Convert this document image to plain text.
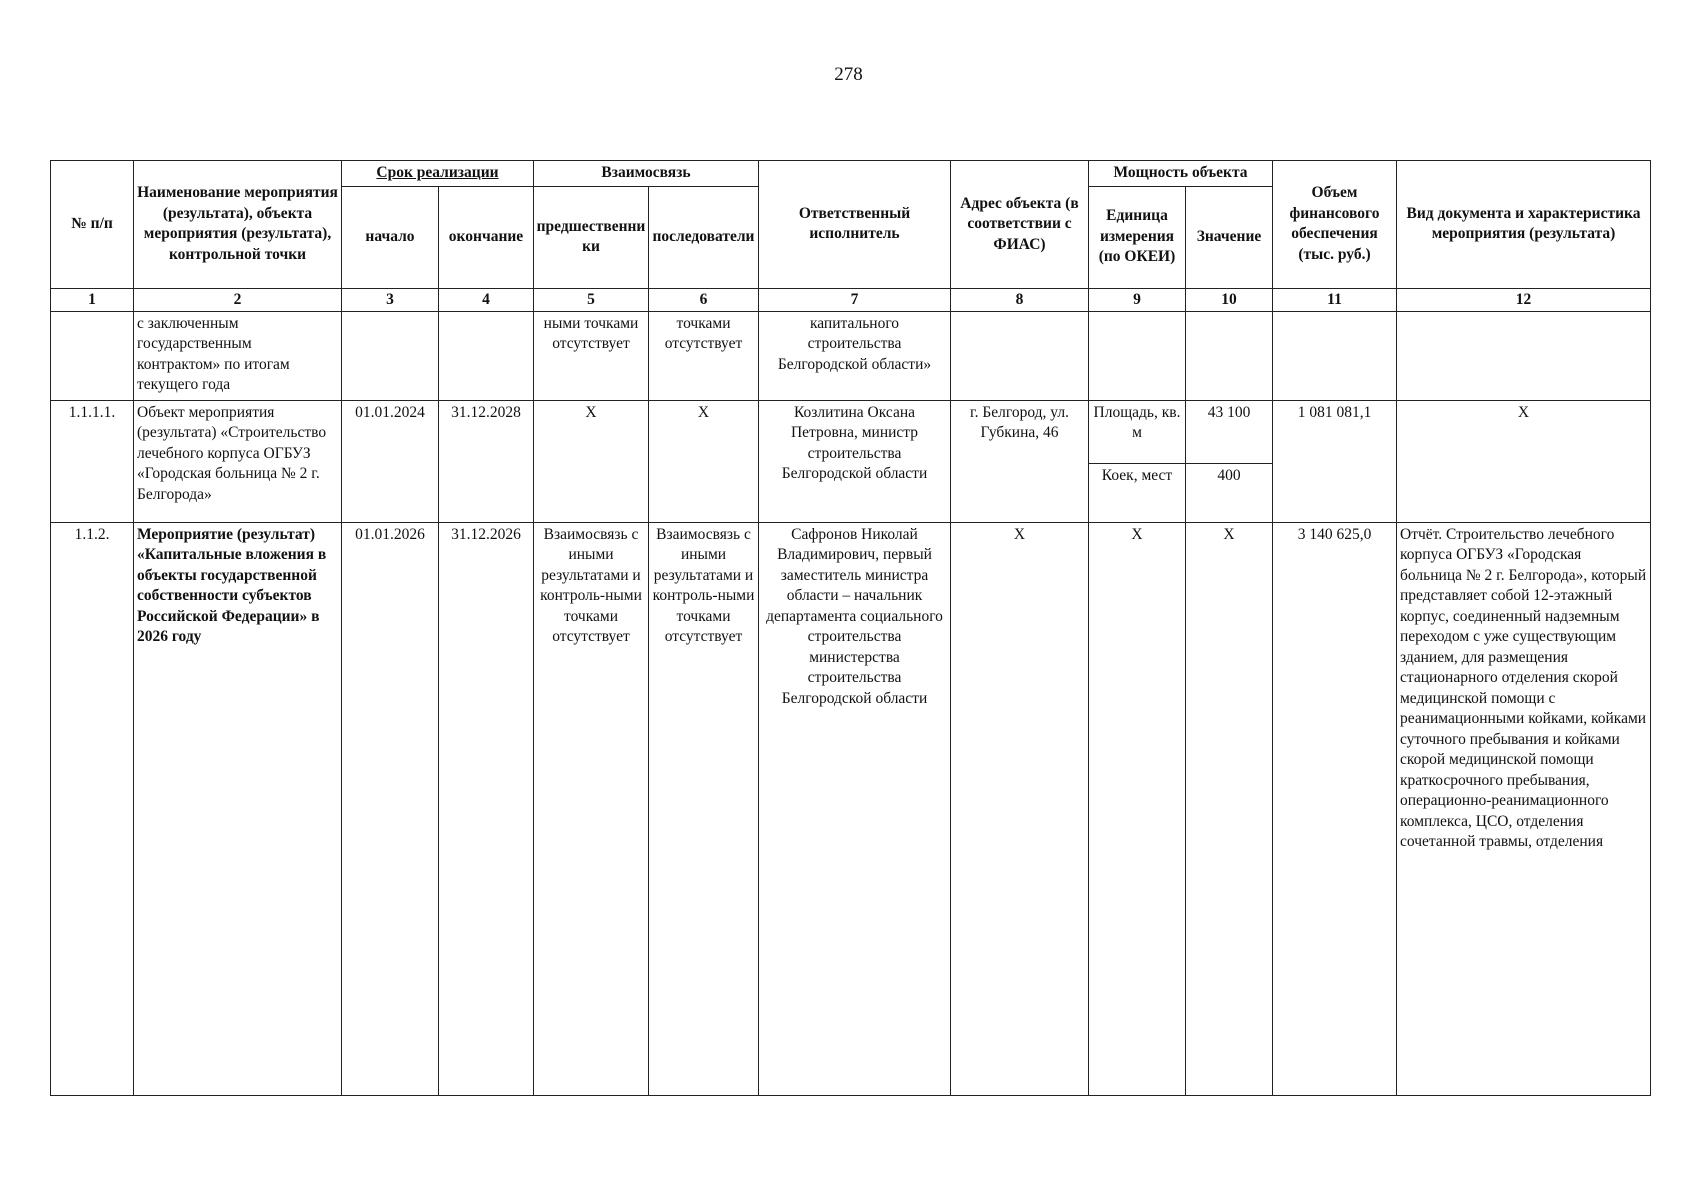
278
№ п/п	Наименование мероприятия (результата), объекта мероприятия (результата), контрольной точки	Срок реализации		Взаимосвязь		Ответственный исполнитель	Адрес объекта (в соответствии с ФИАС)	Мощность объекта		Объем финансового обеспечения (тыс. руб.)	Вид документа и характеристика мероприятия (результата)
		начало	окончание	предшественники	последователи			Единица измерения (по ОКЕИ)	Значение		
1	2	3	4	5	6	7	8	9	10	11	12
	с заключенным государственным контрактом» по итогам текущего года			ными точками отсутствует	точками отсутствует	капитального строительства Белгородской области»					
1.1.1.1.	Объект мероприятия (результата) «Строительство лечебного корпуса ОГБУЗ «Городская больница № 2 г. Белгорода»	01.01.2024	31.12.2028	Х	Х	Козлитина Оксана Петровна, министр строительства Белгородской области	г. Белгород, ул. Губкина, 46	Площадь, кв. м	43 100	1 081 081,1	Х
								Коек, мест	400		
1.1.2.	Мероприятие (результат) «Капитальные вложения в объекты государственной собственности субъектов Российской Федерации» в 2026 году	01.01.2026	31.12.2026	Взаимосвязь с иными результатами и контроль-ными точками отсутствует	Взаимосвязь с иными результатами и контроль-ными точками отсутствует	Сафронов Николай Владимирович, первый заместитель министра области – начальник департамента социального строительства министерства строительства Белгородской области	Х	Х	Х	3 140 625,0	Отчёт. Строительство лечебного корпуса ОГБУЗ «Городская больница № 2 г. Белгорода», который представляет собой 12-этажный корпус, соединенный надземным переходом с уже существующим зданием, для размещения стационарного отделения скорой медицинской помощи с реанимационными койками, койками суточного пребывания и койками скорой медицинской помощи краткосрочного пребывания, операционно-реанимационного комплекса, ЦСО, отделения сочетанной травмы, отделения
